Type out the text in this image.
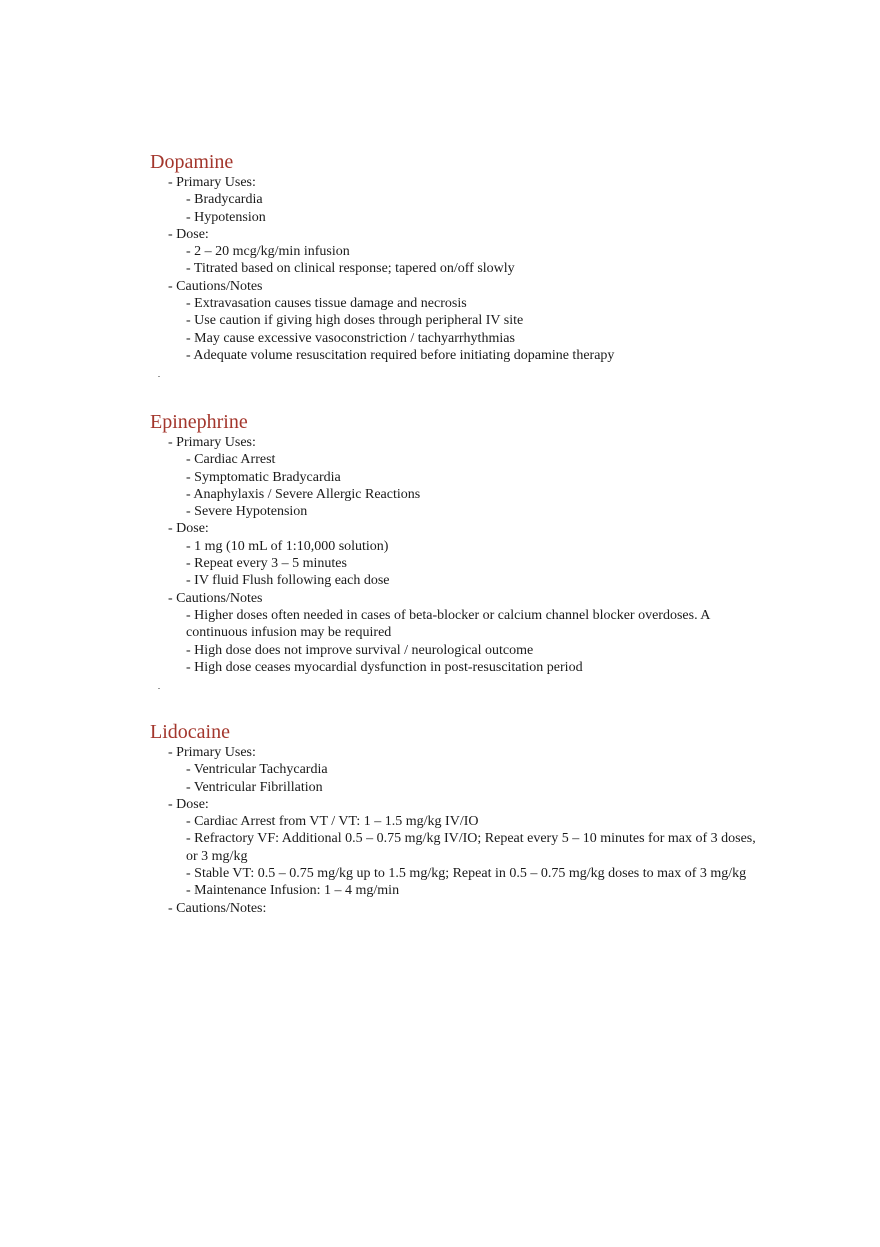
Dopamine
- Primary Uses:
- Bradycardia
- Hypotension
- Dose:
- 2 – 20 mcg/kg/min infusion
- Titrated based on clinical response; tapered on/off slowly
- Cautions/Notes
- Extravasation causes tissue damage and necrosis
- Use caution if giving high doses through peripheral IV site
- May cause excessive vasoconstriction / tachyarrhythmias
- Adequate volume resuscitation required before initiating dopamine therapy
Epinephrine
- Primary Uses:
- Cardiac Arrest
- Symptomatic Bradycardia
- Anaphylaxis / Severe Allergic Reactions
- Severe Hypotension
- Dose:
- 1 mg (10 mL of 1:10,000 solution)
- Repeat every 3 – 5 minutes
- IV fluid Flush following each dose
- Cautions/Notes
- Higher doses often needed in cases of beta-blocker or calcium channel blocker overdoses. A continuous infusion may be required
- High dose does not improve survival / neurological outcome
- High dose ceases myocardial dysfunction in post-resuscitation period
Lidocaine
- Primary Uses:
- Ventricular Tachycardia
- Ventricular Fibrillation
- Dose:
- Cardiac Arrest from VT / VT: 1 – 1.5 mg/kg IV/IO
- Refractory VF: Additional 0.5 – 0.75 mg/kg IV/IO; Repeat every 5 – 10 minutes for max of 3 doses, or 3 mg/kg
- Stable VT: 0.5 – 0.75 mg/kg up to 1.5 mg/kg; Repeat in 0.5 – 0.75 mg/kg doses to max of 3 mg/kg
- Maintenance Infusion: 1 – 4 mg/min
- Cautions/Notes:
